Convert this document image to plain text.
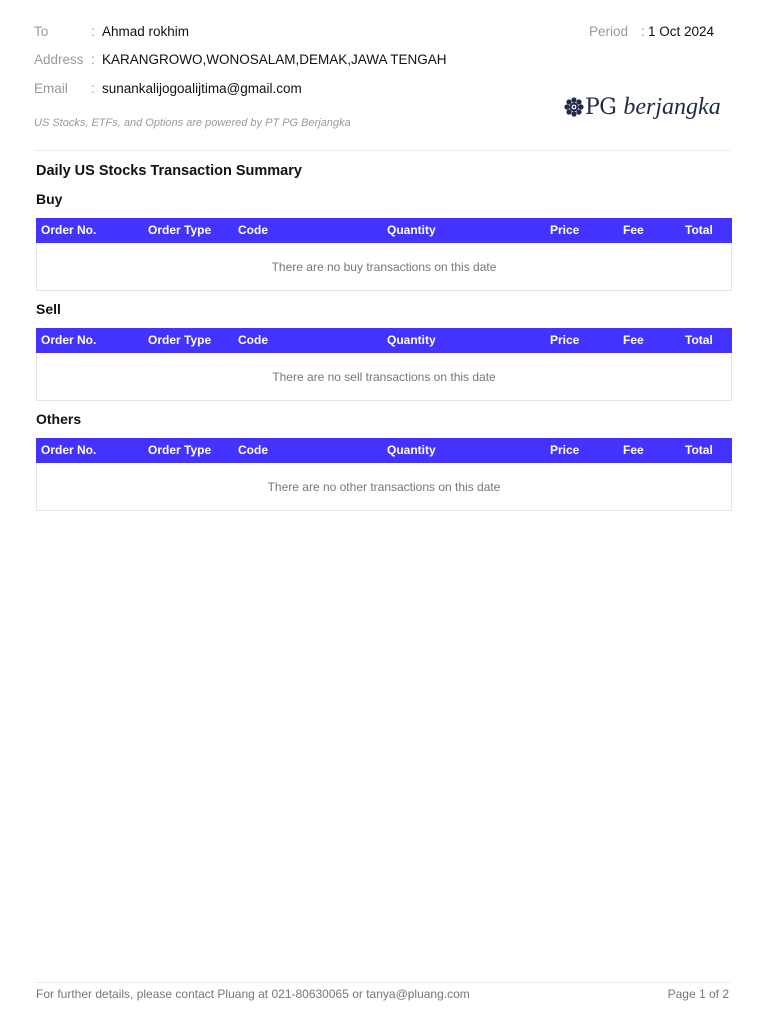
To	: Ahmad rokhim
Address : KARANGROWO,WONOSALAM,DEMAK,JAWA TENGAH
Email	: sunankalijogoalijtima@gmail.com
Period : 1 Oct 2024
PG berjangka
US Stocks, ETFs, and Options are powered by PT PG Berjangka
Daily US Stocks Transaction Summary
Buy
Order No.	Order Type Code	Quantity	Price	Fee	Total
There are no buy transactions on this date
Sell
Order No.	Order Type Code	Quantity	Price	Fee	Total
There are no sell transactions on this date
Others
Order No.	Order Type Code	Quantity	Price	Fee	Total
There are no other transactions on this date
For further details, please contact Pluang at 021-80630065 or tanya@pluang.com	Page 1 of 2
